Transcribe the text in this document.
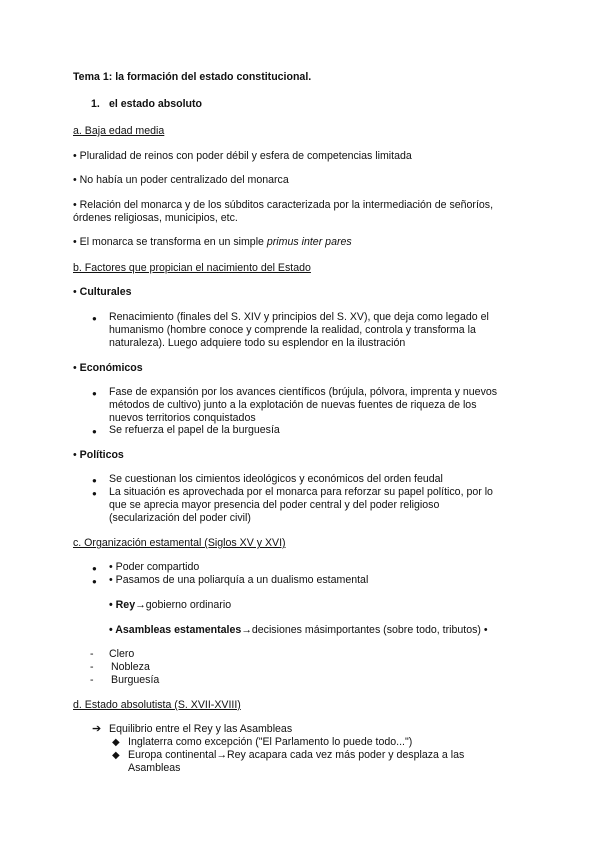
Tema 1: la formación del estado constitucional.
1. el estado absoluto
a. Baja edad media
• Pluralidad de reinos con poder débil y esfera de competencias limitada
• No había un poder centralizado del monarca
• Relación del monarca y de los súbditos caracterizada por la intermediación de señoríos,
órdenes religiosas, municipios, etc.
• El monarca se transforma en un simple primus inter pares
b. Factores que propician el nacimiento del Estado
• Culturales
● Renacimiento (finales del S. XIV y principios del S. XV), que deja como legado el
humanismo (hombre conoce y comprende la realidad, controla y transforma la
naturaleza). Luego adquiere todo su esplendor en la ilustración
• Económicos
● Fase de expansión por los avances científicos (brújula, pólvora, imprenta y nuevos
métodos de cultivo) junto a la explotación de nuevas fuentes de riqueza de los
nuevos territorios conquistados
● Se refuerza el papel de la burguesía
• Políticos
● Se cuestionan los cimientos ideológicos y económicos del orden feudal
● La situación es aprovechada por el monarca para reforzar su papel político, por lo
que se aprecia mayor presencia del poder central y del poder religioso
(secularización del poder civil)
c. Organización estamental (Siglos XV y XVI)
● • Poder compartido
● • Pasamos de una poliarquía a un dualismo estamental
• Rey→gobierno ordinario
• Asambleas estamentales→decisiones másimportantes (sobre todo, tributos) •
- Clero
- Nobleza
- Burguesía
d. Estado absolutista (S. XVII-XVIII)
➔ Equilibrio entre el Rey y las Asambleas
◆ Inglaterra como excepción ("El Parlamento lo puede todo...")
◆ Europa continental→Rey acapara cada vez más poder y desplaza a las
Asambleas
